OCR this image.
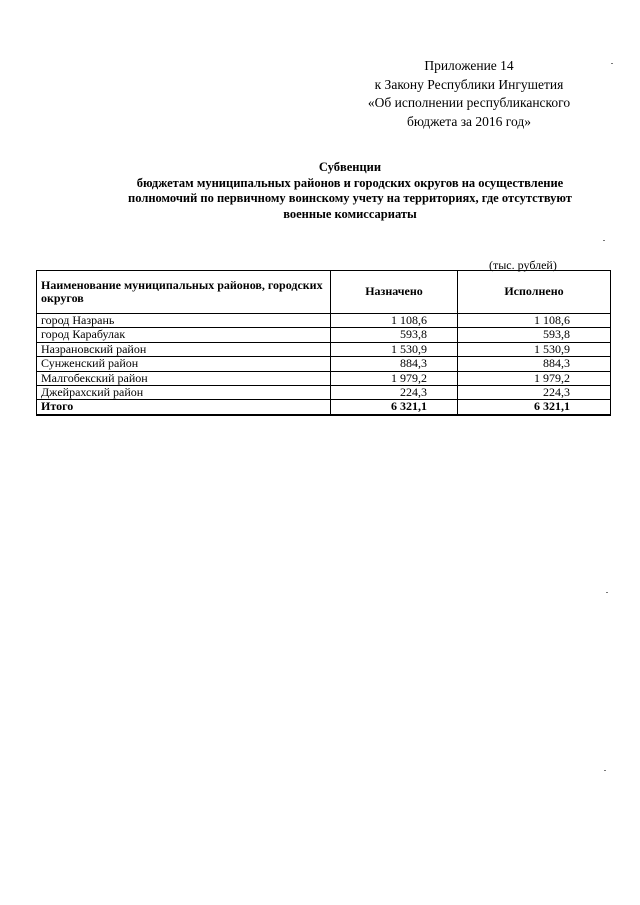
Приложение 14
к Закону Республики Ингушетия
«Об исполнении республиканского
бюджета за 2016 год»
Субвенции
бюджетам муниципальных районов и городских округов на осуществление
полномочий по первичному воинскому учету на территориях, где отсутствуют
военные комиссариаты
(тыс. рублей)
Наименование муниципальных районов, городских округов	Назначено	Исполнено
город Назрань	1 108,6	1 108,6
город Карабулак	593,8	593,8
Назрановский район	1 530,9	1 530,9
Сунженский район	884,3	884,3
Малгобекский район	1 979,2	1 979,2
Джейрахский район	224,3	224,3
Итого	6 321,1	6 321,1
